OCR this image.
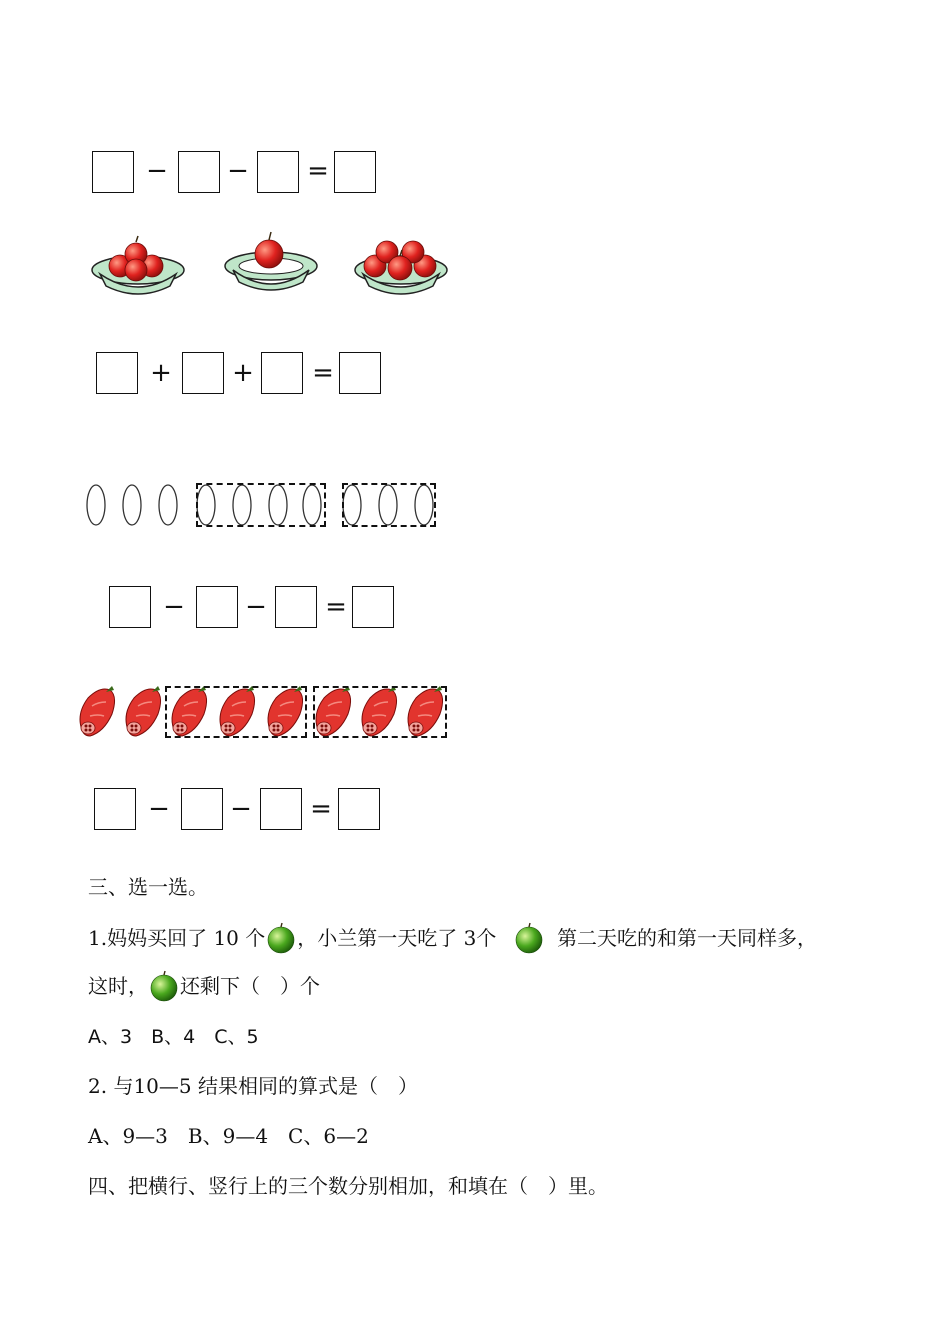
− − =
+ + =
− − =
− − =
三、选一选。
1.妈妈买回了 10 个 ，小兰第一天吃了 3个	第二天吃的和第一天同样多，
这时， 还剩下（　）个
A、3　B、4　C、5
2. 与10—5 结果相同的算式是（　）
A、9—3　B、9—4　C、6—2
四、把横行、竖行上的三个数分别相加，和填在（　）里。
